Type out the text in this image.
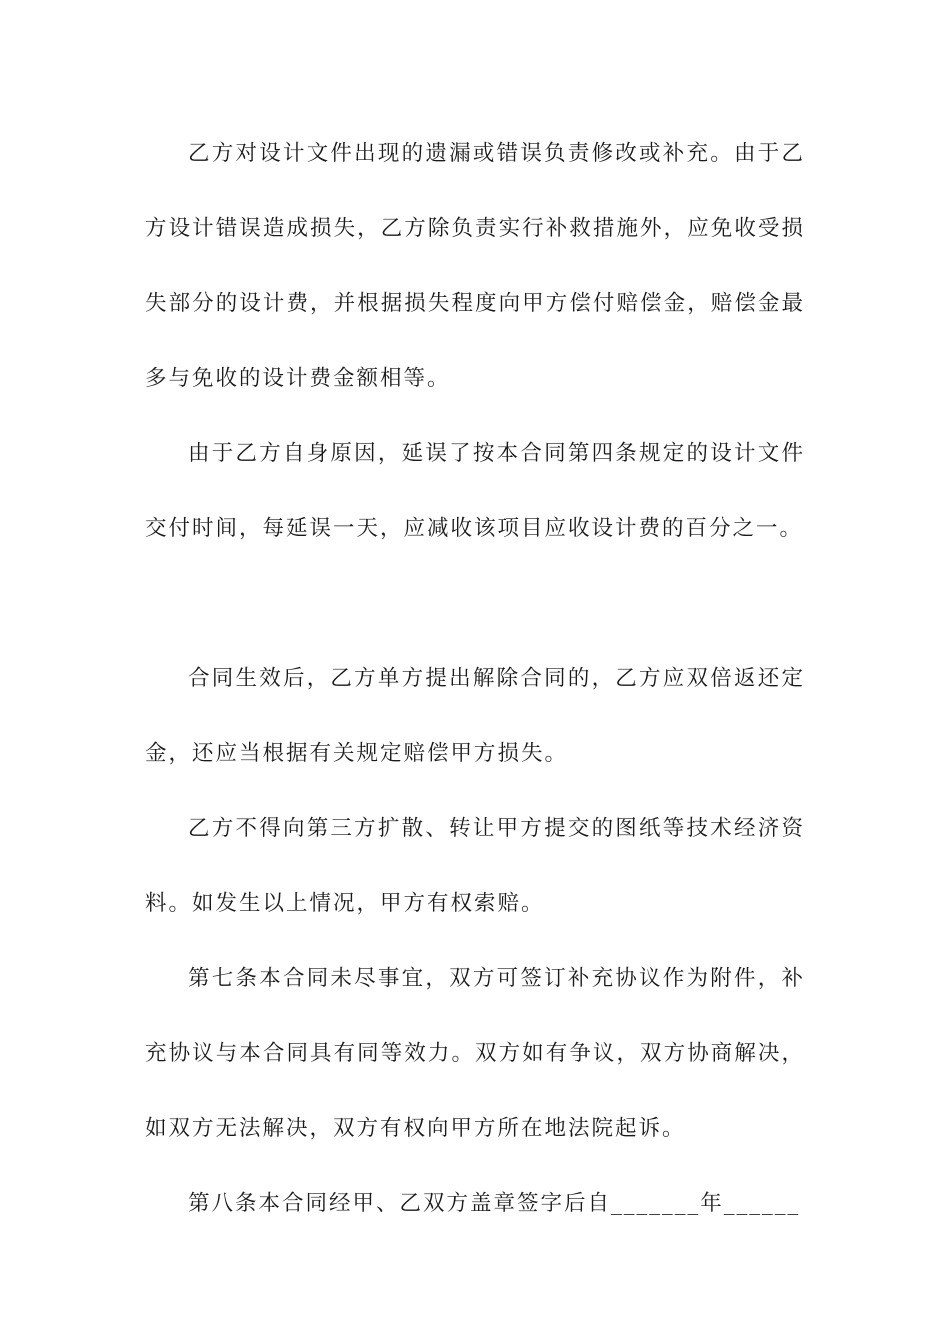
乙方对设计文件出现的遗漏或错误负责修改或补充。由于乙方设计错误造成损失，乙方除负责实行补救措施外，应免收受损失部分的设计费，并根据损失程度向甲方偿付赔偿金，赔偿金最多与免收的设计费金额相等。

由于乙方自身原因，延误了按本合同第四条规定的设计文件交付时间，每延误一天，应减收该项目应收设计费的百分之一。

合同生效后，乙方单方提出解除合同的，乙方应双倍返还定金，还应当根据有关规定赔偿甲方损失。

乙方不得向第三方扩散、转让甲方提交的图纸等技术经济资料。如发生以上情况，甲方有权索赔。

第七条本合同未尽事宜，双方可签订补充协议作为附件，补充协议与本合同具有同等效力。双方如有争议，双方协商解决，如双方无法解决，双方有权向甲方所在地法院起诉。

第八条本合同经甲、乙双方盖章签字后自_______年______
